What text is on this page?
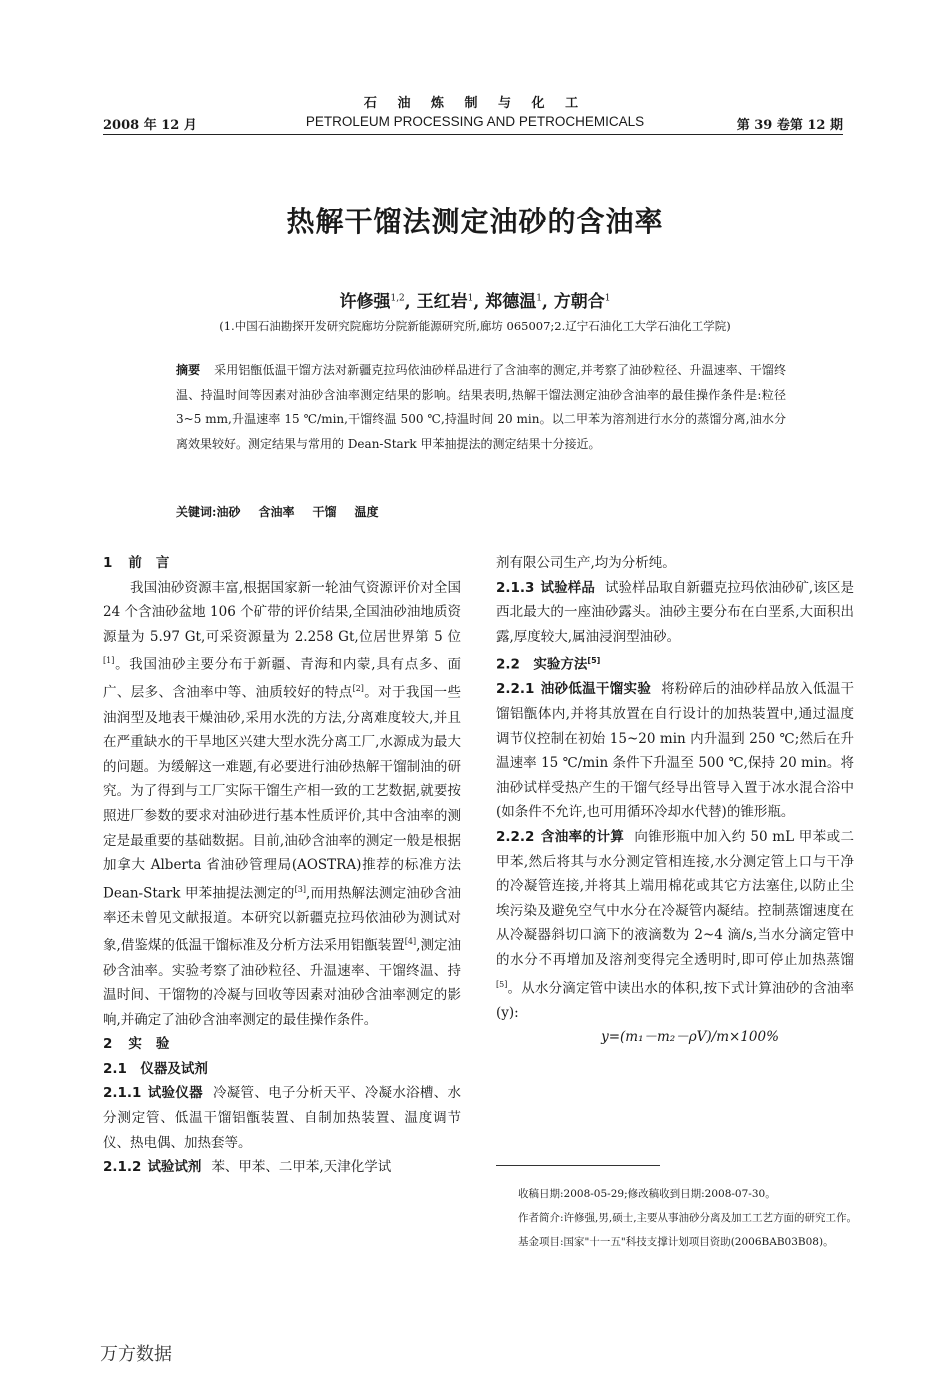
石 油 炼 制 与 化 工
2008 年 12 月	PETROLEUM PROCESSING AND PETROCHEMICALS	第 39 卷第 12 期
热解干馏法测定油砂的含油率
许修强$^{1,2}$, 王红岩$^1$, 郑德温$^1$, 方朝合$^1$
(1.中国石油勘探开发研究院廊坊分院新能源研究所,廊坊 065007;2.辽宁石油化工大学石油化工学院)
摘要 采用铝甑低温干馏方法对新疆克拉玛依油砂样品进行了含油率的测定,并考察了油砂粒径、升温速率、干馏终温、持温时间等因素对油砂含油率测定结果的影响。结果表明,热解干馏法测定油砂含油率的最佳操作条件是:粒径 3~5 mm,升温速率 15 ℃/min,干馏终温 500 ℃,持温时间 20 min。以二甲苯为溶剂进行水分的蒸馏分离,油水分离效果较好。测定结果与常用的 Dean-Stark 甲苯抽提法的测定结果十分接近。
关键词:油砂 含油率 干馏 温度

1 前言

我国油砂资源丰富,根据国家新一轮油气资源评价对全国 24 个含油砂盆地 106 个矿带的评价结果,全国油砂油地质资源量为 5.97 Gt,可采资源量为 2.258 Gt,位居世界第 5 位[1]。我国油砂主要分布于新疆、青海和内蒙,具有点多、面广、层多、含油率中等、油质较好的特点[2]。对于我国一些油润型及地表干燥油砂,采用水洗的方法,分离难度较大,并且在严重缺水的干旱地区兴建大型水洗分离工厂,水源成为最大的问题。为缓解这一难题,有必要进行油砂热解干馏制油的研究。为了得到与工厂实际干馏生产相一致的工艺数据,就要按照进厂参数的要求对油砂进行基本性质评价,其中含油率的测定是最重要的基础数据。目前,油砂含油率的测定一般是根据加拿大 Alberta 省油砂管理局(AOSTRA)推荐的标准方法 Dean-Stark 甲苯抽提法测定的[3],而用热解法测定油砂含油率还未曾见文献报道。本研究以新疆克拉玛依油砂为测试对象,借鉴煤的低温干馏标准及分析方法采用铝甑装置[4],测定油砂含油率。实验考察了油砂粒径、升温速率、干馏终温、持温时间、干馏物的冷凝与回收等因素对油砂含油率测定的影响,并确定了油砂含油率测定的最佳操作条件。

2 实验

2.1　仪器及试剂

2.1.1 试验仪器 冷凝管、电子分析天平、冷凝水浴槽、水分测定管、低温干馏铝甑装置、自制加热装置、温度调节仪、热电偶、加热套等。

2.1.2 试验试剂 苯、甲苯、二甲苯,天津化学试

剂有限公司生产,均为分析纯。

2.1.3 试验样品 试验样品取自新疆克拉玛依油砂矿,该区是西北最大的一座油砂露头。油砂主要分布在白垩系,大面积出露,厚度较大,属油浸润型油砂。

2.2　实验方法[5]

2.2.1 油砂低温干馏实验 将粉碎后的油砂样品放入低温干馏铝甑体内,并将其放置在自行设计的加热装置中,通过温度调节仪控制在初始 15~20 min 内升温到 250 ℃;然后在升温速率 15 ℃/min 条件下升温至 500 ℃,保持 20 min。将油砂试样受热产生的干馏气经导出管导入置于冰水混合浴中(如条件不允许,也可用循环冷却水代替)的锥形瓶。

2.2.2 含油率的计算 向锥形瓶中加入约 50 mL 甲苯或二甲苯,然后将其与水分测定管相连接,水分测定管上口与干净的冷凝管连接,并将其上端用棉花或其它方法塞住,以防止尘埃污染及避免空气中水分在冷凝管内凝结。控制蒸馏速度在从冷凝器斜切口滴下的液滴数为 2~4 滴/s,当水分滴定管中的水分不再增加及溶剂变得完全透明时,即可停止加热蒸馏[5]。从水分滴定管中读出水的体积,按下式计算油砂的含油率(y):

y=(m₁－m₂－ρV)/m×100%

收稿日期:2008-05-29;修改稿收到日期:2008-07-30。

作者简介:许修强,男,硕士,主要从事油砂分离及加工工艺方面的研究工作。

基金项目:国家"十一五"科技支撑计划项目资助(2006BAB03B08)。

万方数据
